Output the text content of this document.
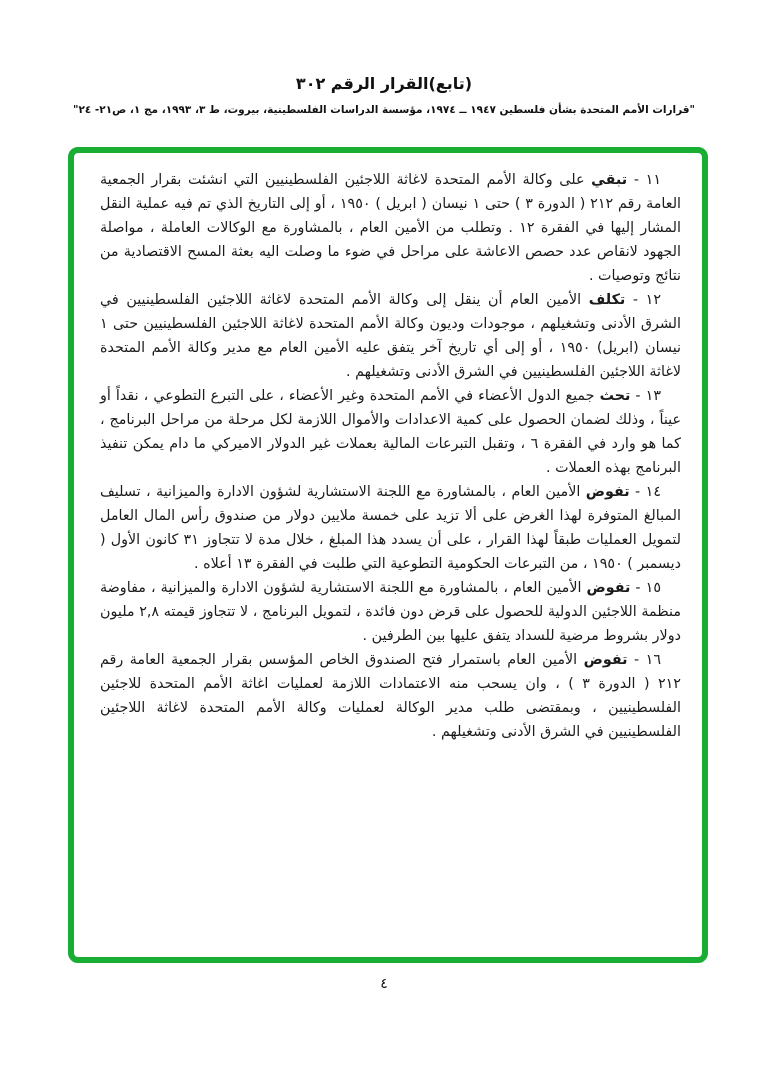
(تابع)القرار الرقم ٣٠٢
"قرارات الأمم المتحدة بشأن فلسطين ١٩٤٧ ــ ١٩٧٤، مؤسسة الدراسات الفلسطينية، بيروت، ط ٣، ١٩٩٣، مج ١، ص٢١- ٢٤"

١١ - تبقي على وكالة الأمم المتحدة لاغاثة اللاجئين الفلسطينيين التي انشئت بقرار الجمعية العامة رقم ٢١٢ ( الدورة ٣ ) حتى ١ نيسان ( ابريل ) ١٩٥٠ ، أو إلى التاريخ الذي تم فيه عملية النقل المشار إليها في الفقرة ١٢ . وتطلب من الأمين العام ، بالمشاورة مع الوكالات العاملة ، مواصلة الجهود لانقاص عدد حصص الاعاشة على مراحل في ضوء ما وصلت اليه بعثة المسح الاقتصادية من نتائج وتوصيات .

١٢ - تكلف الأمين العام أن ينقل إلى وكالة الأمم المتحدة لاغاثة اللاجئين الفلسطينيين في الشرق الأدنى وتشغيلهم ، موجودات وديون وكالة الأمم المتحدة لاغاثة اللاجئين الفلسطينيين حتى ١ نيسان (ابريل) ١٩٥٠ ، أو إلى أي تاريخ آخر يتفق عليه الأمين العام مع مدير وكالة الأمم المتحدة لاغاثة اللاجئين الفلسطينيين في الشرق الأدنى وتشغيلهم .

١٣ - تحث جميع الدول الأعضاء في الأمم المتحدة وغير الأعضاء ، على التبرع التطوعي ، نقداً أو عيناً ، وذلك لضمان الحصول على كمية الاعدادات والأموال اللازمة لكل مرحلة من مراحل البرنامج ، كما هو وارد في الفقرة ٦ ، وتقبل التبرعات المالية بعملات غير الدولار الاميركي ما دام يمكن تنفيذ البرنامج بهذه العملات .

١٤ - تفوض الأمين العام ، بالمشاورة مع اللجنة الاستشارية لشؤون الادارة والميزانية ، تسليف المبالغ المتوفرة لهذا الغرض على ألا تزيد على خمسة ملايين دولار من صندوق رأس المال العامل لتمويل العمليات طبقاً لهذا القرار ، على أن يسدد هذا المبلغ ، خلال مدة لا تتجاوز ٣١ كانون الأول ( ديسمبر ) ١٩٥٠ ، من التبرعات الحكومية التطوعية التي طلبت في الفقرة ١٣ أعلاه .

١٥ - تفوض الأمين العام ، بالمشاورة مع اللجنة الاستشارية لشؤون الادارة والميزانية ، مفاوضة منظمة اللاجئين الدولية للحصول على قرض دون فائدة ، لتمويل البرنامج ، لا تتجاوز قيمته ٢,٨ مليون دولار بشروط مرضية للسداد يتفق عليها بين الطرفين .

١٦ - تفوض الأمين العام باستمرار فتح الصندوق الخاص المؤسس بقرار الجمعية العامة رقم ٢١٢ ( الدورة ٣ ) ، وان يسحب منه الاعتمادات اللازمة لعمليات اغاثة الأمم المتحدة للاجئين الفلسطينيين ، وبمقتضى طلب مدير الوكالة لعمليات وكالة الأمم المتحدة لاغاثة اللاجئين الفلسطينيين في الشرق الأدنى وتشغيلهم .

٤
